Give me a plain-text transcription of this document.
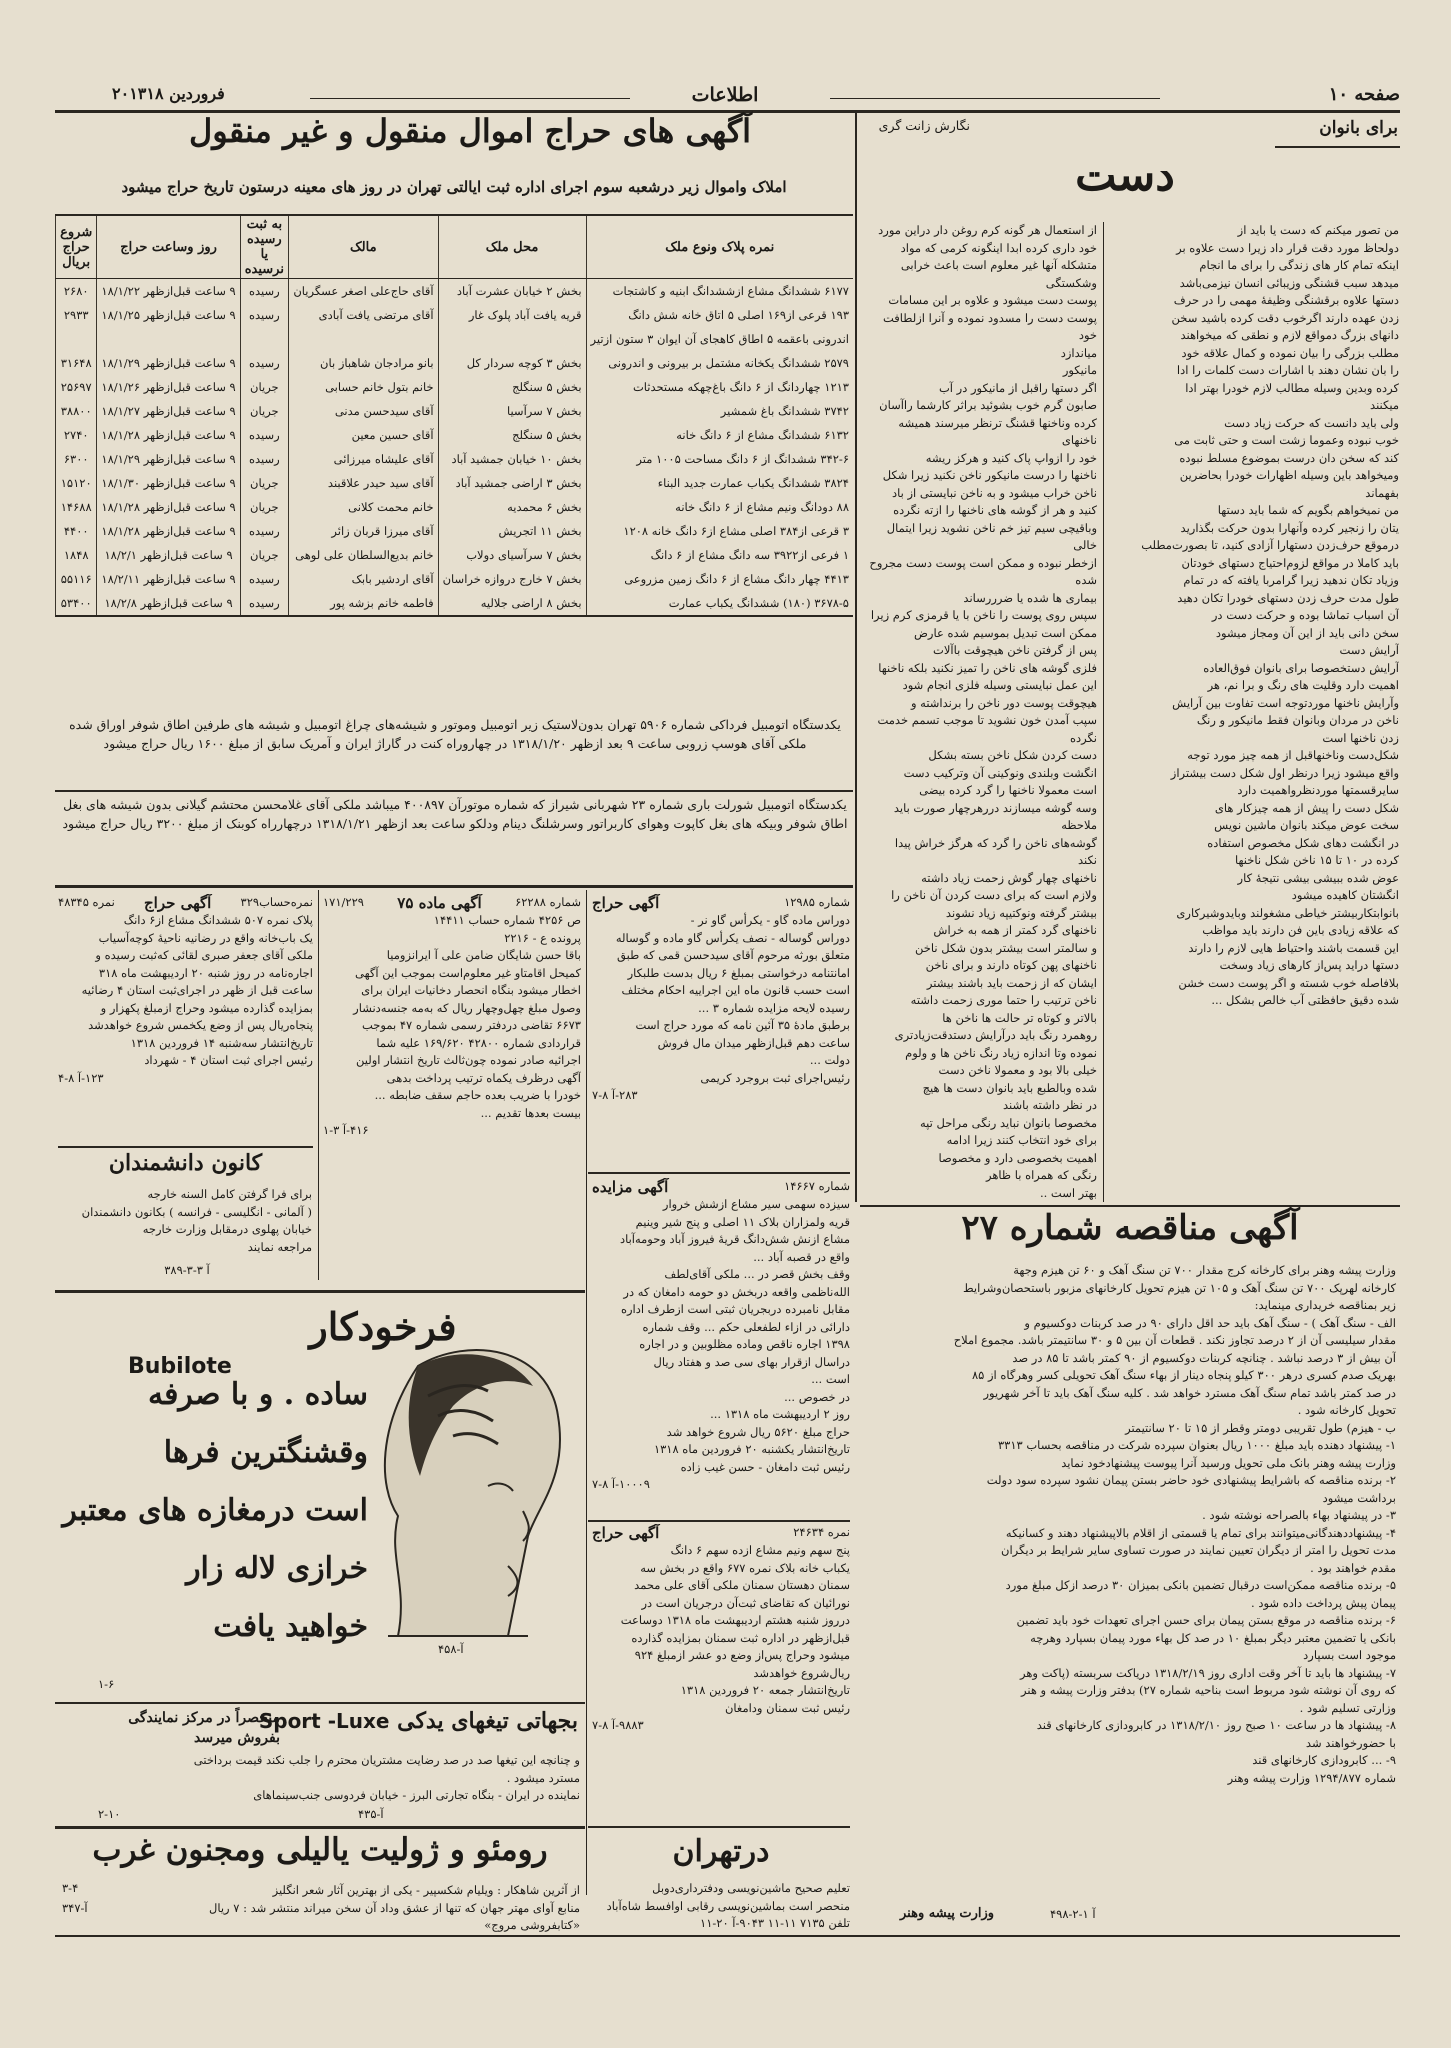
صفحه ۱۰
اطلاعات
۲۰فروردین ۱۳۱۸
برای بانوان
نگارش زانت گری
دست
من تصور میکنم که دست یا باید از
دولحاظ مورد دقت قرار داد زیرا دست علاوه بر
اینکه تمام کار های زندگی را برای ما انجام
میدهد سبب قشنگی وزیبائی انسان نیزمی‌باشد
دستها علاوه برقشنگی وظیفهٔ مهمی را در حرف
زدن عهده دارند اگرخوب دقت کرده باشید سخن
دانهای بزرگ دمواقع لازم و نطقی که میخواهند
مطلب بزرگی را بیان نموده و کمال علاقه خود
را بان نشان دهند با اشارات دست کلمات را ادا
کرده وبدین وسیله مطالب لازم خودرا بهتر ادا
میکنند
ولی باید دانست که حرکت زیاد دست
خوب نبوده وعموما زشت است و حتی ثابت می
کند که سخن دان درست بموضوع مسلط نبوده
ومیخواهد باین وسیله اظهارات خودرا بحاضرین
بفهماند
من نمیخواهم بگویم که شما باید دستها
یتان را زنجیر کرده وآنهارا بدون حرکت بگذارید
درموقع حرف‌زدن دستهارا آزادی کنید، تا بصورت‌مطلب
باید کاملا در مواقع لزوم‌احتیاج دستهای خودتان
وزیاد تکان ندهید زیرا گرامربا یافته که در تمام
طول مدت حرف زدن دستهای خودرا تکان دهید
آن اسباب تماشا بوده و حرکت دست در
سخن دانی باید از این آن ومجاز میشود
آرایش دست
آرایش دستخصوصا برای بانوان فوق‌العاده
اهمیت دارد وقلیت های رنگ و برا نم، هر
وآرایش ناخنها موردتوجه است تفاوت بین آرایش
ناخن در مردان وبانوان فقط مانیکور و رنگ
زدن ناخنها است
شکل‌دست وناخنهاقبل از همه چیز مورد توجه
واقع میشود زیرا درنظر اول شکل دست بیشتراز
سایرقسمتها موردنظرواهمیت دارد
شکل دست را پیش از همه چیزکار های
سخت عوض میکند بانوان ماشین نویس
در انگشت دهای شکل مخصوص استفاده
کرده در ۱۰ تا ۱۵ ناخن شکل ناخنها
عوض شده ببیشی بیشی نتیجهٔ کار
انگشتان کاهیده میشود
بانوابتکاربیشتر خیاطی مشغولند وبایدوشیرکاری
که علاقه زیادی باین فن دارند باید مواظب
این قسمت باشند واحتیاط هایی لازم را دارند
دستها دراید پس‌از کارهای زیاد وسخت
بلافاصله خوب شسته و اگر پوست دست خشن
شده دقیق حافظتی آب خالص بشکل ...
از استعمال هر گونه کرم روغن دار دراین مورد
خود داری کرده ابدا اینگونه کرمی که مواد
متشکله آنها غیر معلوم است باعث خرابی وشکستگی
پوست دست میشود و علاوه بر این مسامات
پوست دست را مسدود نموده و آنرا ازلطافت خود
میاندازد
مانیکور
اگر دستها راقبل از مانیکور در آب
صابون گرم خوب بشوئید براثر کارشما راآسان
کرده وناخنها قشنگ ترنظر میرسند همیشه ناخنهای
خود را ازواپ پاک کنید و هرکز ریشه
ناخنها را درست مانیکور ناخن نکنید زیرا شکل
ناخن خراب میشود و به ناخن نبایستی از باد
کنید و هر از گوشه های ناخنها را ازته نگرده
وباقیچی سیم تیز خم ناخن نشوید زیرا ایتمال خالی
ازخطر نبوده و ممکن است پوست دست مجروح شده
بیماری ها شده یا ضرر‌رساند
سپس روی پوست را ناخن با یا قرمزی کرم زیرا
ممکن است تبدیل بموسیم شده عارض
پس از گرفتن ناخن هیچوقت باآلات
فلزی گوشه های ناخن را تمیز نکنید بلکه ناخنها
این عمل نبایستی وسیله فلزی انجام شود
هیچوقت پوست دور ناخن را برنداشته و
سپب آمدن خون نشوید تا موجب تسمم خدمت
نگرده
دست کردن شکل ناخن بسته بشکل
انگشت وبلندی ونوکینی آن وترکیب دست
است معمولا ناخنها را گرد کرده بیضی
وسه گوشه میسازند دررهرچهار صورت باید ملاحظه
گوشه‌های ناخن را گرد که هرگز خراش پیدا
نکند
ناخنهای چهار گوش زحمت زیاد داشته
ولازم است که برای دست کردن آن ناخن را
بیشتر گرفته ونوکتیپه زیاد نشوند
ناخنهای گرد کمتر از همه به خراش
و سالمتر است بیشتر بدون شکل ناخن
ناخنهای پهن کوتاه دارند و برای ناخن
ایشان که از زحمت باید باشند بیشتر
ناخن ترتیب را حتما موری زحمت داشته
بالاتر و کوتاه تر حالت ها ناخن ها
روهمرد رنگ باید درآرایش دستدقت‌زیادتری
نموده وتا اندازه زیاد رنگ ناخن ها و ولوم
خیلی بالا بود و معمولا ناخن دست
شده وبالطبع باید بانوان دست ها هیچ
در نظر داشته باشند
مخصوصا بانوان نباید رنگی مراحل تپه
برای خود انتخاب کنند زیرا ادامه
اهمیت بخصوصی دارد و مخصوصا
رنگی که همراه با ظاهر
بهتر است ..
آگهی های حراج اموال منقول و غیر منقول
املاک واموال زیر درشعبه سوم اجرای اداره ثبت ایالتی تهران در روز های معینه درستون تاریخ حراج میشود
نمره پلاک ونوع ملک	محل ملک	مالک	به ثبت رسیده یا نرسیده	روز وساعت حراج	شروع حراج بریال
۶۱۷۷ ششدانگ مشاع ازششدانگ ابنیه و کاشتجات	بخش ۲ خیابان عشرت آباد	آقای حاج‌علی اصغر عسگریان	رسیده	۹ ساعت قبل‌ازظهر ۱۸/۱/۲۲	۲۶۸۰
۱۹۳ قرعی از۱۶۹ اصلی ۵ اتاق خانه شش دانگ	قریه یافت آباد پلوک غار	آقای مرتضی یافت آبادی	رسیده	۹ ساعت قبل‌ازظهر ۱۸/۱/۲۵	۲۹۳۳
اندرونی باعقمه ۵ اطاق کاهجای آن ایوان ۳ ستون ازتیر					
۲۵۷۹ ششدانگ یکخانه مشتمل بر بیرونی و اندرونی	بخش ۳ کوچه سردار کل	بانو مرادجان شاهباز بان	رسیده	۹ ساعت قبل‌ازظهر ۱۸/۱/۲۹	۳۱۶۴۸
۱۲۱۳ چهاردانگ از ۶ دانگ باغ‌چهکه مستحدثات	بخش ۵ سنگلج	خانم بتول خانم حسابی	جریان	۹ ساعت قبل‌ازظهر ۱۸/۱/۲۶	۲۵۶۹۷
۳۷۴۲ ششدانگ باغ شمشیر	بخش ۷ سرآسیا	آقای سیدحسن مدنی	جریان	۹ ساعت قبل‌ازظهر ۱۸/۱/۲۷	۳۸۸۰۰
۶۱۳۲ ششدانگ مشاع از ۶ دانگ خانه	بخش ۵ سنگلج	آقای حسین معین	رسیده	۹ ساعت قبل‌ازظهر ۱۸/۱/۲۸	۲۷۴۰
۳۴۲-۶ ششدانگ از ۶ دانگ مساحت ۱۰۰۵ متر	بخش ۱۰ خیابان جمشید آباد	آقای علیشاه میرزائی	رسیده	۹ ساعت قبل‌ازظهر ۱۸/۱/۲۹	۶۳۰۰
۳۸۲۴ ششدانگ یکباب عمارت جدید البناء	بخش ۳ اراضی جمشید آباد	آقای سید حیدر علاقبند	جریان	۹ ساعت قبل‌ازظهر ۱۸/۱/۳۰	۱۵۱۲۰
۸۸ دودانگ ونیم مشاع از ۶ دانگ خانه	بخش ۶ محمدیه	خانم محمت کلانی	جریان	۹ ساعت قبل‌ازظهر ۱۸/۱/۲۸	۱۴۶۸۸
۳ قرعی از۳۸۴ اصلی مشاع از۶ دانگ خانه ۱۲۰۸	بخش ۱۱ اتجریش	آقای میرزا قربان زائر	رسیده	۹ ساعت قبل‌ازظهر ۱۸/۱/۲۸	۴۴۰۰
۱ فرعی از۳۹۲۲ سه دانگ مشاع از ۶ دانگ	بخش ۷ سرآسیای دولاب	خانم بدیع‌السلطان علی لوهی	جریان	۹ ساعت قبل‌ازظهر ۱۸/۲/۱	۱۸۴۸
۴۴۱۳ چهار دانگ مشاع از ۶ دانگ زمین مزروعی	بخش ۷ خارج دروازه خراسان	آقای اردشیر بابک	رسیده	۹ ساعت قبل‌ازظهر ۱۸/۲/۱۱	۵۵۱۱۶
۳۶۷۸-۵ (۱۸۰) ششدانگ یکباب عمارت	بخش ۸ اراضی جلالیه	فاطمه خانم بزشه پور	رسیده	۹ ساعت قبل‌ازظهر ۱۸/۲/۸	۵۳۴۰۰
یکدستگاه اتومبیل فرداکی شماره ۵۹۰۶ تهران بدون‌لاستیک زیر اتومبیل وموتور و شیشه‌های چراغ اتومبیل و شیشه های طرفین اطاق شوفر اوراق شده ملکی آقای هوسپ زروبی ساعت ۹ بعد ازظهر ۱۳۱۸/۱/۲۰ در چهاروراه کنت در گاراژ ایران و آمریک سابق از مبلغ ۱۶۰۰ ریال حراج میشود
یکدستگاه اتومبیل شورلت باری شماره ۲۳ شهربانی شیراز که شماره موتورآن ۴۰۰۸۹۷ میباشد ملکی آقای غلامحسن محتشم گیلانی بدون شیشه های بغل اطاق شوفر وبیکه های بغل کاپوت وهوای کاربراتور وسرشلنگ دینام ودلکو ساعت بعد ازظهر ۱۳۱۸/۱/۲۱ درچهارراه کوبنک از مبلغ ۳۲۰۰ ریال حراج میشود
نمره‌حساب‌۳۲۹
آگهی حراج
نمره ۴۸۳۴۵
پلاک نمره ۵۰۷ ششدانگ مشاع از۶ دانگ
یک باب‌خانه واقع در رضانیه ناحیهٔ کوچه‌آسیاب
ملکی آقای جعفر صبری لقائی که‌ثبت رسیده و
اجاره‌نامه در روز شنبه ۲۰ اردیبهشت ماه ۳۱۸
ساعت قبل از ظهر در اجرای‌ثبت استان ۴ رضائیه
بمزایده گذارده میشود وحراج ازمبلغ پکهزار و
پنجاه‌ریال پس از وضع یکخمس شروع خواهدشد
تاریخ‌انتشار سه‌شنبه ۱۴ فروردین ۱۳۱۸
رئیس اجرای ثبت استان ۴ - شهرداد
۱۲۳-آ ۸-۴
شماره ۶۲۲۸۸
آگهی ماده ۷۵
۱۷۱/۲۲۹
ص ۴۲۵۶ شماره حساب ۱۴۴۱۱
پرونده ع - ۲۲۱۶
باقا حسن شایگان ضامن علی آ ایرانزومیا
کمیحل اقامتاو غیر معلوم‌است بموجب این آگهی
اخطار میشود بنگاه انحصار دخانیات ایران برای
وصول مبلغ چهل‌وچهار ریال که به‌مه جنسه‌دنشار
۶۶۷۳ تقاضی دردفتر رسمی شماره ۴۷ بموجب
قراردادی شماره ۴۲۸۰۰ ۱۶۹/۶۲۰ علیه شما
اجرائیه صادر نموده چون‌ثالث تاریخ انتشار اولین
آگهی درظرف یکماه ترتیب پرداخت بدهی
خودرا با ضریب بعده حاجم سقف ضابطه ...
بیست بعدها تقدیم ...
۴۱۶-آ ۳-۱
شماره ۱۲۹۸۵
آگهی حراج
دوراس ماده گاو - یکرأس گاو نر -
دوراس گوساله - نصف یکرأس گاو ماده و گوساله
متعلق بورثه مرحوم آقای سیدحسن قمی که طبق
امانتنامه درخواستی بمبلغ ۶ ریال بدست طلبکار
است حسب قانون ماه این اجراییه احکام مختلف
رسیده لایحه مزایده شماره ۳ ...
برطبق مادهٔ ۳۵ آئین نامه که مورد حراج است
ساعت دهم قبل‌ازظهر میدان مال فروش
دولت ...
رئیس‌اجرای ثبت بروجرد کریمی
۲۸۳-آ ۸-۷
کانون دانشمندان
برای فرا گرفتن کامل السنه خارجه
( آلمانی - انگلیسی - فرانسه ) بکانون دانشمندان
خیابان پهلوی درمقابل وزارت خارجه
مراجعه نمایند
۳۸۹-آ ۳-۳
فرخودکار
Bubilote
ساده . و با صرفه
وقشنگترین فرها
است درمغازه های معتبر
خرازی لاله زار
خواهید یافت
۱-۶
۴۵۸-آ
بجهاتی تیغهای یدکی Sport -Luxe
منحصراً در مرکز نمایندگی
بفروش میرسد
و چنانچه این تیغها صد در صد رضایت مشتریان محترم را جلب نکند قیمت برداختی
مسترد میشود .
نماینده در ایران - بنگاه تجارتی البرز - خیابان فردوسی جنب‌سینماهای
۲-۱۰	۴۳۵-آ
رومئو و ژولیت یالیلی ومجنون غرب
از آثرین شاهکار : ویلیام شکسپیر - یکی از بهترین آثار شعر انگلیز
منابع آوای مهتر جهان که تنها از عشق وداد آن سخن میراند منتشر شد : ۷ ریال
«کتابفروشی مروج»
۳-۴
۳۴۷-آ
شماره ۱۴۶۶۷
آگهی مزایده
سیزده سهمی سیر مشاع ازشش خروار
قریه ولمزاران بلاک ۱۱ اصلی و پنج شیر وینیم
مشاع ازنش شش‌دانگ قریهٔ فیروز آباد وحومه‌آباد
واقع در قصبه آباد ...
وقف بخش قصر در ... ملکی آقای‌لطف
الله‌ناظمی واقعه دربخش دو حومه دامغان که در
مقابل نامبرده دربجریان ثبتی است ازطرف اداره
دارائی در ازاء لطفعلی حکم ... وقف شماره
۱۳۹۸ اجاره ناقص وماده مظلوبین و در اجاره
دراسال ازقرار بهای سی صد و هفتاد ریال
است ...
در خصوص ...
روز ۲ اردیبهشت ماه ۱۳۱۸ ...
حراج مبلغ ۵۶۲۰ ریال شروع خواهد شد
تاریخ‌انتشار یکشنبه ۲۰ فروردین ماه ۱۳۱۸
رئیس ثبت دامغان - حسن غیب زاده
۱۰۰۰۹-آ ۸-۷
نمره ۲۴۶۳۴
آگهی حراج
پنج سهم ونیم مشاع ازده سهم ۶ دانگ
یکباب خانه بلاک نمره ۶۷۷ واقع در بخش سه
سمنان دهستان سمنان ملکی آقای علی محمد
نورائیان که تقاضای ثبت‌آن درجریان است در
درروز شنبه هشتم اردیبهشت ماه ۱۳۱۸ دوساعت
قبل‌ازظهر در اداره ثبت سمنان بمزایده گذارده
میشود وحراج پس‌از وضع دو عشر ازمبلغ ۹۲۴
ریال‌شروع خواهدشد
تاریخ‌انتشار جمعه ۲۰ فروردین ۱۳۱۸
رئیس ثبت سمنان ودامغان
۹۸۸۳-آ ۸-۷
درتهران
تعلیم صحیح ماشین‌نویسی ودفترداری‌دوبل
منحصر است بماشین‌نویسی رقابی اوافسط شاه‌آباد
تلفن ۷۱۳۵ ۱۱-۱۱ ۹۰۴۳-آ ۲۰-۱۱
آگهی مناقصه شماره ۲۷
وزارت پیشه وهنر برای کارخانه کرج مقدار ۷۰۰ تن سنگ آهک و ۶۰ تن هیزم وجهة
کارخانه لهرپک ۷۰۰ تن سنگ آهک و ۱۰۵ تن هیزم تحویل کارخانهای مزبور باستحصان‌وشرایط
زیر بمناقصه خریداری مینماید:
الف - سنگ آهک ) - سنگ آهک باید حد اقل دارای ۹۰ در صد کربنات دوکسیوم و
مقدار سیلیسی آن از ۲ درصد تجاوز نکند . قطعات آن بین ۵ و ۳۰ سانتیمتر باشد. مجموع املاح
آن بیش از ۳ درصد نباشد . چنانچه کربنات دوکسیوم از ۹۰ کمتر باشد تا ۸۵ در صد
بهریک صدم کسری درهر ۳۰۰ کیلو پنجاه دینار از بهاء سنگ آهک تحویلی کسر وهرگاه از ۸۵
در صد کمتر باشد تمام سنگ آهک مسترد خواهد شد . کلیه سنگ آهک باید تا آخر شهریور
تحویل کارخانه شود .
ب - هیزم) طول تقریبی دومتر وقطر از ۱۵ تا ۲۰ سانتیمتر
۱- پیشنهاد دهنده باید مبلغ ۱۰۰۰ ریال بعنوان سپرده شرکت در مناقصه بحساب ۳۳۱۳
وزارت پیشه وهنر بانک ملی تحویل ورسید آنرا پیوست پیشنهادخود نماید
۲- برنده مناقصه که باشرایط پیشنهادی خود حاضر بستن پیمان نشود سپرده سود دولت
برداشت میشود
۳- در پیشنهاد بهاء بالصراحه نوشته شود .
۴- پیشنهاددهندگانی‌میتوانند برای تمام یا قسمتی از اقلام بالاپیشنهاد دهند و کسانیکه
مدت تحویل را امتر از دیگران تعیین نمایند در صورت تساوی سایر شرایط بر دیگران
مقدم خواهند بود .
۵- برنده مناقصه ممکن‌است درقبال تضمین بانکی بمیزان ۳۰ درصد ازکل مبلغ مورد
پیمان پیش پرداخت داده شود .
۶- برنده مناقصه در موقع بستن پیمان برای حسن اجرای تعهدات خود باید تضمین
بانکی یا تضمین معتبر دیگر بمبلغ ۱۰ در صد کل بهاء مورد پیمان بسپارد وهرچه
موجود است بسپارد
۷- پیشنهاد ها باید تا آخر وقت اداری روز ۱۳۱۸/۲/۱۹ دریاکت سربسته (پاکت وهر
که روی آن نوشته شود مربوط است بناحیه شماره ۲۷) بدفتر وزارت پیشه و هنر
وزارتی تسلیم شود .
۸- پیشنهاد ها در ساعت ۱۰ صبح روز ۱۳۱۸/۲/۱۰ در کابرودازی کارخانهای قند
با حضورخواهند شد
۹- ... کابرودازی کارخانهای قند
شماره ۱۲۹۴/۸۷۷ وزارت پیشه وهنر
وزارت پیشه وهنر	۴۹۸-آ ۱-۲
